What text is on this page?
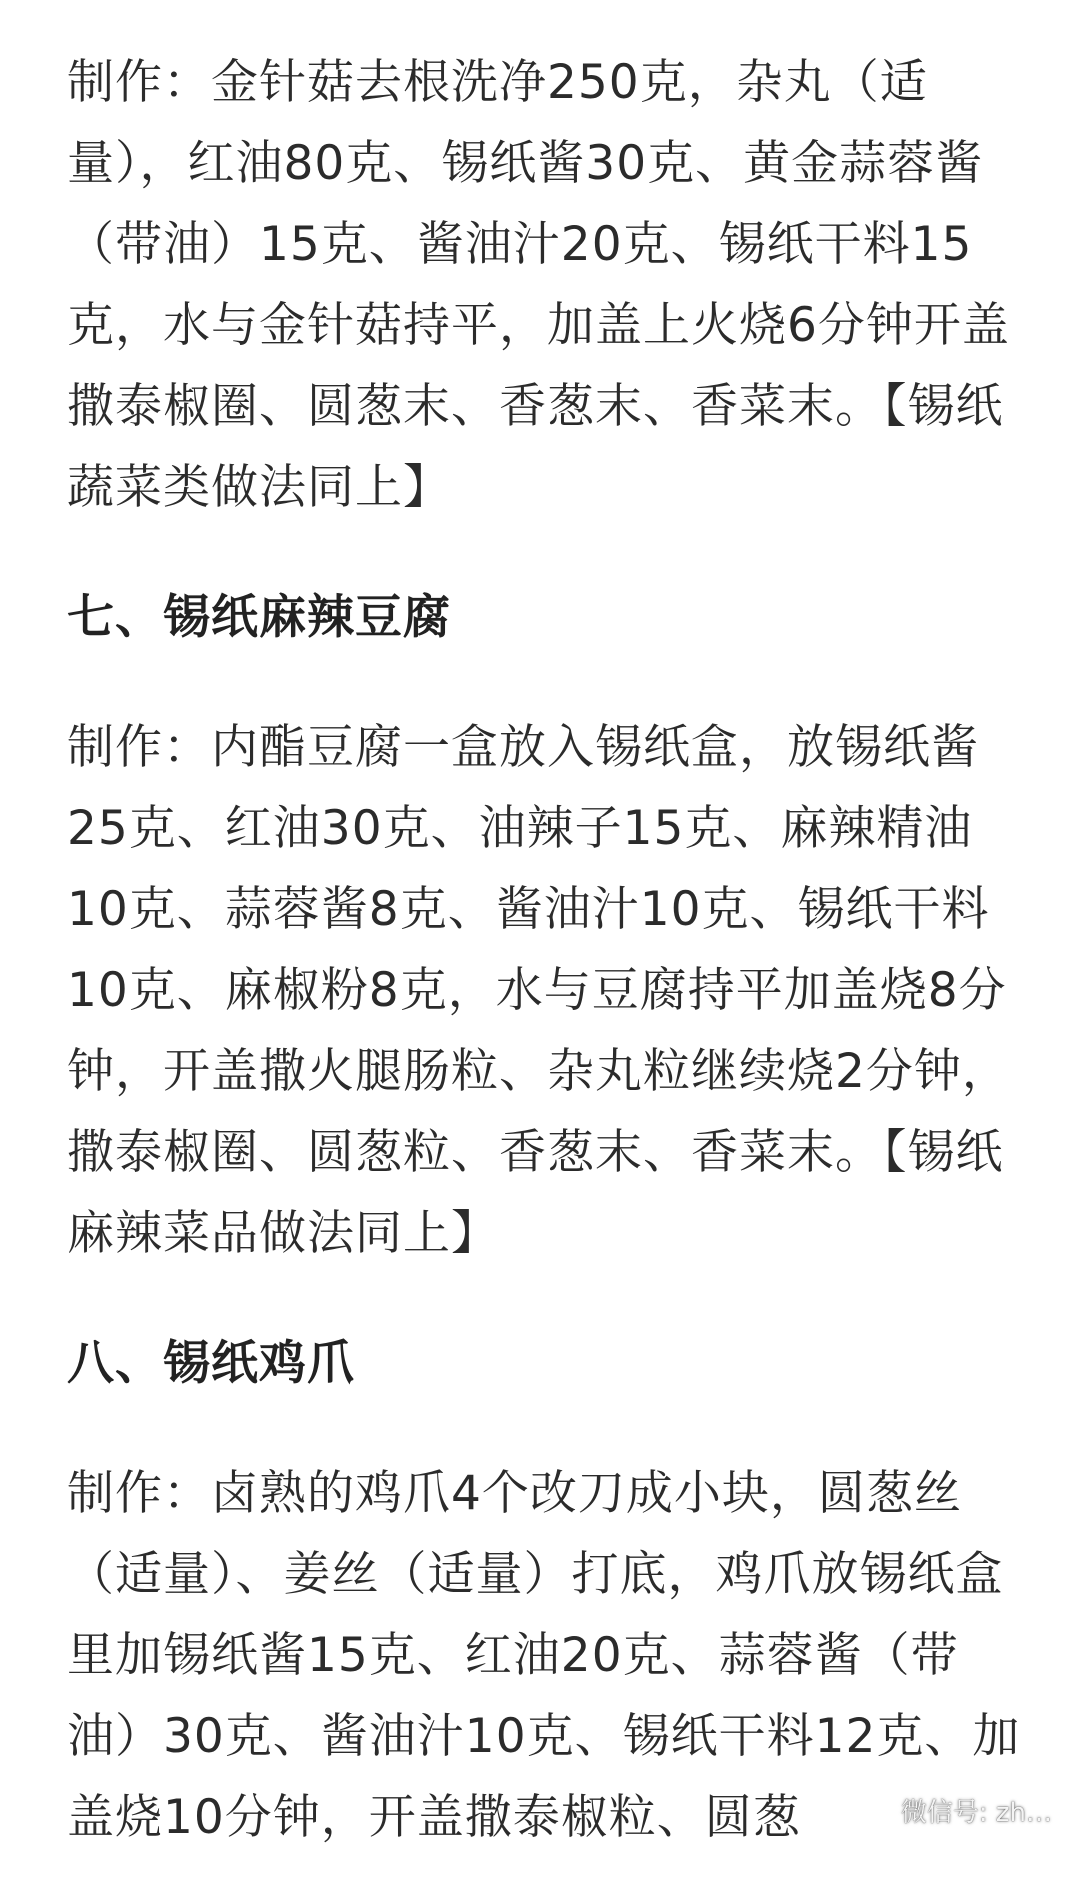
制作：金针菇去根洗净250克，杂丸（适量），红油80克、锡纸酱30克、黄金蒜蓉酱（带油）15克、酱油汁20克、锡纸干料15克，水与金针菇持平，加盖上火烧6分钟开盖撒泰椒圈、圆葱末、香葱末、香菜末。【锡纸蔬菜类做法同上】

七、锡纸麻辣豆腐

制作：内酯豆腐一盒放入锡纸盒，放锡纸酱25克、红油30克、油辣子15克、麻辣精油10克、蒜蓉酱8克、酱油汁10克、锡纸干料10克、麻椒粉8克，水与豆腐持平加盖烧8分钟，开盖撒火腿肠粒、杂丸粒继续烧2分钟，撒泰椒圈、圆葱粒、香葱末、香菜末。【锡纸麻辣菜品做法同上】

八、锡纸鸡爪

制作：卤熟的鸡爪4个改刀成小块，圆葱丝（适量）、姜丝（适量）打底，鸡爪放锡纸盒里加锡纸酱15克、红油20克、蒜蓉酱（带油）30克、酱油汁10克、锡纸干料12克、加盖烧10分钟，开盖撒泰椒粒、圆葱	微信号: zh…
